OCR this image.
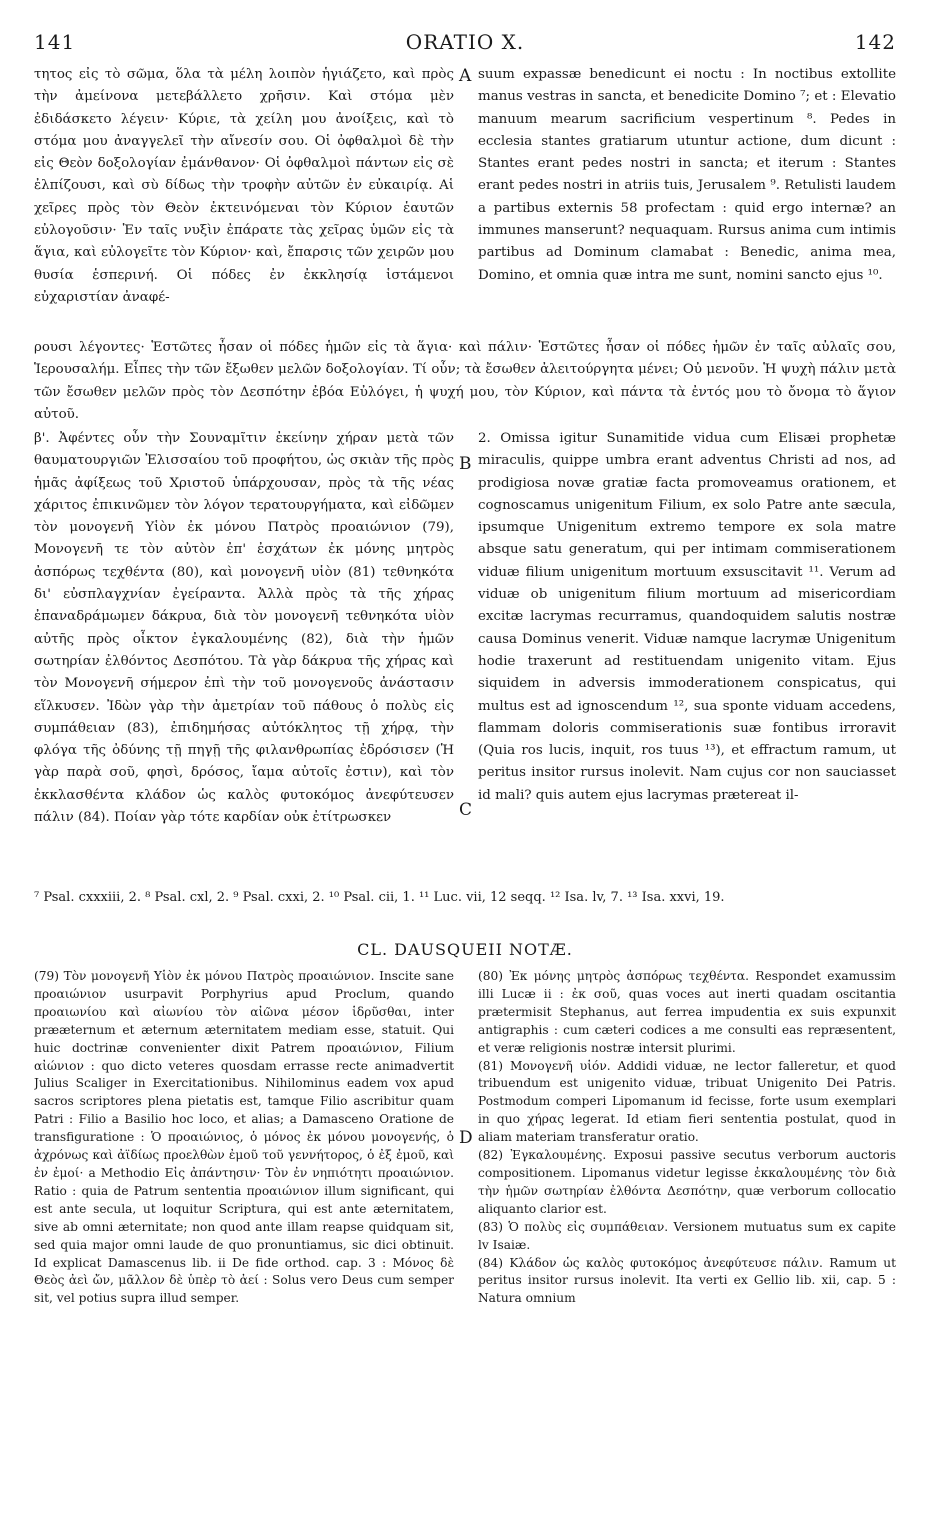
141	ORATIO X.	142

τητος εἰς τὸ σῶμα, ὅλα τὰ μέλη λοιπὸν ἡγιάζετο, καὶ πρὸς τὴν ἀμείνονα μετεβάλλετο χρῆσιν. Καὶ στόμα μὲν ἐδιδάσκετο λέγειν· Κύριε, τὰ χείλη μου ἀνοίξεις, καὶ τὸ στόμα μου ἀναγγελεῖ τὴν αἴνεσίν σου. Οἱ ὀφθαλμοὶ δὲ τὴν εἰς Θεὸν δοξολογίαν ἐμάνθανον· Οἱ ὀφθαλμοὶ πάντων εἰς σὲ ἐλπίζουσι, καὶ σὺ δίδως τὴν τροφὴν αὐτῶν ἐν εὐκαιρίᾳ. Αἱ χεῖρες πρὸς τὸν Θεὸν ἐκτεινόμεναι τὸν Κύριον ἑαυτῶν εὐλογοῦσιν· Ἐν ταῖς νυξὶν ἐπάρατε τὰς χεῖρας ὑμῶν εἰς τὰ ἅγια, καὶ εὐλογεῖτε τὸν Κύριον· καὶ, ἔπαρσις τῶν χειρῶν μου θυσία ἑσπερινή. Οἱ πόδες ἐν ἐκκλησίᾳ ἱστάμενοι εὐχαριστίαν ἀναφέ-

suum expassæ benedicunt ei noctu : In noctibus extollite manus vestras in sancta, et benedicite Domino ⁷; et : Elevatio manuum mearum sacrificium vespertinum ⁸. Pedes in ecclesia stantes gratiarum utuntur actione, dum dicunt : Stantes erant pedes nostri in sancta; et iterum : Stantes erant pedes nostri in atriis tuis, Jerusalem ⁹. Retulisti laudem a partibus externis 58 profectam : quid ergo internæ? an immunes manserunt? nequaquam. Rursus anima cum intimis partibus ad Dominum clamabat : Benedic, anima mea, Domino, et omnia quæ intra me sunt, nomini sancto ejus ¹⁰.

ρουσι λέγοντες· Ἑστῶτες ἦσαν οἱ πόδες ἡμῶν εἰς τὰ ἅγια· καὶ πάλιν· Ἑστῶτες ἦσαν οἱ πόδες ἡμῶν ἐν ταῖς αὐλαῖς σου, Ἱερουσαλήμ. Εἶπες τὴν τῶν ἔξωθεν μελῶν δοξολογίαν. Τί οὖν; τὰ ἔσωθεν ἀλειτούργητα μένει; Οὐ μενοῦν. Ἡ ψυχὴ πάλιν μετὰ τῶν ἔσωθεν μελῶν πρὸς τὸν Δεσπότην ἐβόα Εὐλόγει, ἡ ψυχή μου, τὸν Κύριον, καὶ πάντα τὰ ἐντός μου τὸ ὄνομα τὸ ἅγιον αὐτοῦ.

β'. Ἀφέντες οὖν τὴν Σουναμῖτιν ἐκείνην χήραν μετὰ τῶν θαυματουργιῶν Ἐλισσαίου τοῦ προφήτου, ὡς σκιὰν τῆς πρὸς ἡμᾶς ἀφίξεως τοῦ Χριστοῦ ὑπάρχουσαν, πρὸς τὰ τῆς νέας χάριτος ἐπικινῶμεν τὸν λόγον τερατουργήματα, καὶ εἰδῶμεν τὸν μονογενῆ Υἱὸν ἐκ μόνου Πατρὸς προαιώνιον (79), Μονογενῆ τε τὸν αὐτὸν ἐπ' ἐσχάτων ἐκ μόνης μητρὸς ἀσπόρως τεχθέντα (80), καὶ μονογενῆ υἱὸν (81) τεθνηκότα δι' εὐσπλαγχνίαν ἐγείραντα. Ἀλλὰ πρὸς τὰ τῆς χήρας ἐπαναδράμωμεν δάκρυα, διὰ τὸν μονογενῆ τεθνηκότα υἱὸν αὐτῆς πρὸς οἶκτον ἐγκαλουμένης (82), διὰ τὴν ἡμῶν σωτηρίαν ἐλθόντος Δεσπότου. Τὰ γὰρ δάκρυα τῆς χήρας καὶ τὸν Μονογενῆ σήμερον ἐπὶ τὴν τοῦ μονογενοῦς ἀνάστασιν εἵλκυσεν. Ἰδὼν γὰρ τὴν ἀμετρίαν τοῦ πάθους ὁ πολὺς εἰς συμπάθειαν (83), ἐπιδημήσας αὐτόκλητος τῇ χήρᾳ, τὴν φλόγα τῆς ὀδύνης τῇ πηγῇ τῆς φιλανθρωπίας ἐδρόσισεν (Ἡ γὰρ παρὰ σοῦ, φησὶ, δρόσος, ἴαμα αὐτοῖς ἐστιν), καὶ τὸν ἐκκλασθέντα κλάδον ὡς καλὸς φυτοκόμος ἀνεφύτευσεν πάλιν (84). Ποίαν γὰρ τότε καρδίαν οὐκ ἐτίτρωσκεν

2. Omissa igitur Sunamitide vidua cum Elisæi prophetæ miraculis, quippe umbra erant adventus Christi ad nos, ad prodigiosa novæ gratiæ facta promoveamus orationem, et cognoscamus unigenitum Filium, ex solo Patre ante sæcula, ipsumque Unigenitum extremo tempore ex sola matre absque satu generatum, qui per intimam commiserationem viduæ filium unigenitum mortuum exsuscitavit ¹¹. Verum ad viduæ ob unigenitum filium mortuum ad misericordiam excitæ lacrymas recurramus, quandoquidem salutis nostræ causa Dominus venerit. Viduæ namque lacrymæ Unigenitum hodie traxerunt ad restituendam unigenito vitam. Ejus siquidem in adversis immoderationem conspicatus, qui multus est ad ignoscendum ¹², sua sponte viduam accedens, flammam doloris commiserationis suæ fontibus irroravit (Quia ros lucis, inquit, ros tuus ¹³), et effractum ramum, ut peritus insitor rursus inolevit. Nam cujus cor non sauciasset id mali? quis autem ejus lacrymas prætereat il-

A
B
C
D

⁷ Psal. cxxxiii, 2. ⁸ Psal. cxl, 2. ⁹ Psal. cxxi, 2. ¹⁰ Psal. cii, 1. ¹¹ Luc. vii, 12 seqq. ¹² Isa. lv, 7. ¹³ Isa. xxvi, 19.

CL. DAUSQUEII NOTÆ.

(79) Τὸν μονογενῆ Υἱὸν ἐκ μόνου Πατρὸς προαιώνιον. Inscite sane προαιώνιον usurpavit Porphyrius apud Proclum, quando προαιωνίου καὶ αἰωνίου τὸν αἰῶνα μέσον ἱδρῦσθαι, inter prææternum et æternum æternitatem mediam esse, statuit. Qui huic doctrinæ convenienter dixit Patrem προαιώνιον, Filium αἰώνιον : quo dicto veteres quosdam errasse recte animadvertit Julius Scaliger in Exercitationibus. Nihilominus eadem vox apud sacros scriptores plena pietatis est, tamque Filio ascribitur quam Patri : Filio a Basilio hoc loco, et alias; a Damasceno Oratione de transfiguratione : Ὁ προαιώνιος, ὁ μόνος ἐκ μόνου μονογενής, ὁ ἀχρόνως καὶ ἀϊδίως προελθὼν ἐμοῦ τοῦ γεννήτορος, ὁ ἐξ ἐμοῦ, καὶ ἐν ἐμοί· a Methodio Εἰς ἀπάντησιν· Τὸν ἐν νηπιότητι προαιώνιον. Ratio : quia de Patrum sententia προαιώνιον illum significant, qui est ante secula, ut loquitur Scriptura, qui est ante æternitatem, sive ab omni æternitate; non quod ante illam reapse quidquam sit, sed quia major omni laude de quo pronuntiamus, sic dici obtinuit. Id explicat Damascenus lib. ii De fide orthod. cap. 3 : Μόνος δὲ Θεὸς ἀεὶ ὤν, μᾶλλον δὲ ὑπὲρ τὸ ἀεί : Solus vero Deus cum semper sit, vel potius supra illud semper.

(80) Ἐκ μόνης μητρὸς ἀσπόρως τεχθέντα. Respondet examussim illi Lucæ ii : ἐκ σοῦ, quas voces aut inerti quadam oscitantia prætermisit Stephanus, aut ferrea impudentia ex suis expunxit antigraphis : cum cæteri codices a me consulti eas repræsentent, et veræ religionis nostræ intersit plurimi.

(81) Μονογενῆ υἱόν. Addidi viduæ, ne lector falleretur, et quod tribuendum est unigenito viduæ, tribuat Unigenito Dei Patris. Postmodum comperi Lipomanum id fecisse, forte usum exemplari in quo χήρας legerat. Id etiam fieri sententia postulat, quod in aliam materiam transferatur oratio.

(82) Ἐγκαλουμένης. Exposui passive secutus verborum auctoris compositionem. Lipomanus videtur legisse ἐκκαλουμένης τὸν διὰ τὴν ἡμῶν σωτηρίαν ἐλθόντα Δεσπότην, quæ verborum collocatio aliquanto clarior est.

(83) Ὁ πολὺς εἰς συμπάθειαν. Versionem mutuatus sum ex capite lv Isaiæ.

(84) Κλάδον ὡς καλὸς φυτοκόμος ἀνεφύτευσε πάλιν. Ramum ut peritus insitor rursus inolevit. Ita verti ex Gellio lib. xii, cap. 5 : Natura omnium
